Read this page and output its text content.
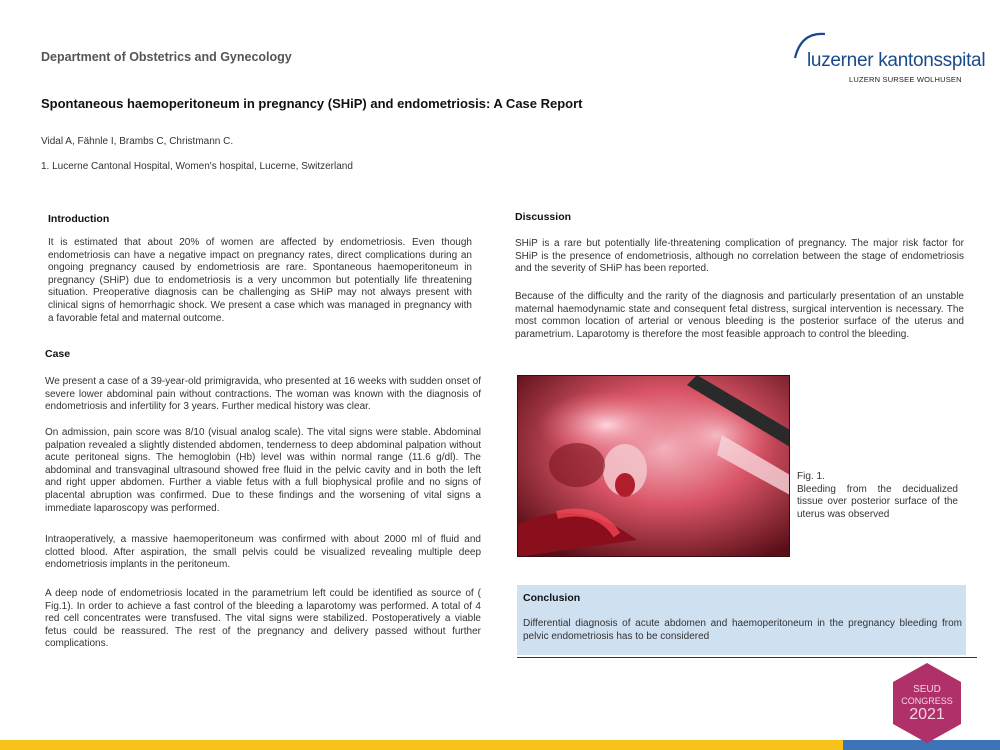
Department of Obstetrics and Gynecology
Spontaneous haemoperitoneum in pregnancy (SHiP) and endometriosis: A Case Report
Vidal A, Fähnle I, Brambs C, Christmann C.
1. Lucerne Cantonal Hospital, Women's hospital, Lucerne, Switzerland
luzerner kantonsspital
LUZERN SURSEE WOLHUSEN
Introduction
It is estimated that about 20% of women are affected by endometriosis. Even though endometriosis can have a negative impact on pregnancy rates, direct complications during an ongoing pregnancy caused by endometriosis are rare. Spontaneous haemoperitoneum in pregnancy (SHiP) due to endometriosis is a very uncommon but potentially life threatening situation. Preoperative diagnosis can be challenging as SHiP may not always present with clinical signs of hemorrhagic shock. We present a case which was managed in pregnancy with a favorable fetal and maternal outcome.
Case
We present a case of a 39-year-old primigravida, who presented at 16 weeks with sudden onset of severe lower abdominal pain without contractions. The woman was known with the diagnosis of endometriosis and infertility for 3 years. Further medical history was clear.
On admission, pain score was 8/10 (visual analog scale). The vital signs were stable. Abdominal palpation revealed a slightly distended abdomen, tenderness to deep abdominal palpation without acute peritoneal signs. The hemoglobin (Hb) level was within normal range (11.6 g/dl). The abdominal and transvaginal ultrasound showed free fluid in the pelvic cavity and in both the left and right upper abdomen. Further a viable fetus with a full biophysical profile and no signs of placental abruption was confirmed. Due to these findings and the worsening of vital signs a immediate laparoscopy was performed.
Intraoperatively, a massive haemoperitoneum was confirmed with about 2000 ml of fluid and clotted blood. After aspiration, the small pelvis could be visualized revealing multiple deep endometriosis implants in the peritoneum.
A deep node of endometriosis located in the parametrium left could be identified as source of ( Fig.1). In order to achieve a fast control of the bleeding a laparotomy was performed. A total of 4 red cell concentrates were transfused. The vital signs were stabilized. Postoperatively a viable fetus could be reassured. The rest of the pregnancy and delivery passed without further complications.
Discussion
SHiP is a rare but potentially life-threatening complication of pregnancy. The major risk factor for SHiP is the presence of endometriosis, although no correlation between the stage of endometriosis and the severity of SHiP has been reported.
Because of the difficulty and the rarity of the diagnosis and particularly presentation of an unstable maternal haemodynamic state and consequent fetal distress, surgical intervention is necessary. The most common location of arterial or venous bleeding is the posterior surface of the uterus and parametrium. Laparotomy is therefore the most feasible approach to control the bleeding.
Fig. 1.
Bleeding from the decidualized tissue over posterior surface of the uterus was observed
Conclusion
Differential diagnosis of acute abdomen and haemoperitoneum in the pregnancy bleeding from pelvic endometriosis has to be considered
SEUD
CONGRESS
2021
